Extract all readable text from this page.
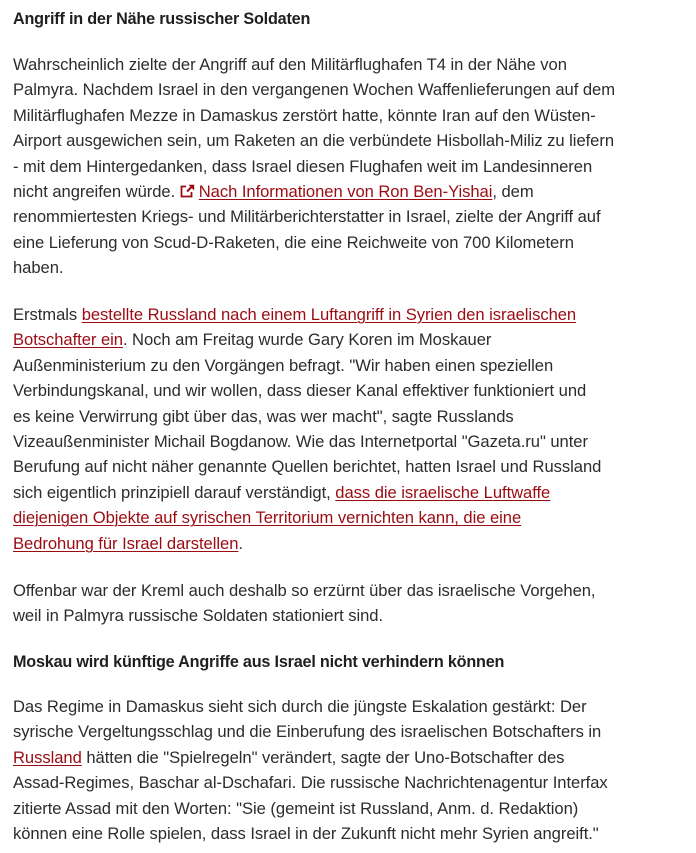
Angriff in der Nähe russischer Soldaten

Wahrscheinlich zielte der Angriff auf den Militärflughafen T4 in der Nähe von
Palmyra. Nachdem Israel in den vergangenen Wochen Waffenlieferungen auf dem
Militärflughafen Mezze in Damaskus zerstört hatte, könnte Iran auf den Wüsten-
Airport ausgewichen sein, um Raketen an die verbündete Hisbollah-Miliz zu liefern
- mit dem Hintergedanken, dass Israel diesen Flughafen weit im Landesinneren
nicht angreifen würde. Nach Informationen von Ron Ben-Yishai, dem
renommiertesten Kriegs- und Militärberichterstatter in Israel, zielte der Angriff auf
eine Lieferung von Scud-D-Raketen, die eine Reichweite von 700 Kilometern
haben.

Erstmals bestellte Russland nach einem Luftangriff in Syrien den israelischen
Botschafter ein. Noch am Freitag wurde Gary Koren im Moskauer
Außenministerium zu den Vorgängen befragt. "Wir haben einen speziellen
Verbindungskanal, und wir wollen, dass dieser Kanal effektiver funktioniert und
es keine Verwirrung gibt über das, was wer macht", sagte Russlands
Vizeaußenminister Michail Bogdanow. Wie das Internetportal "Gazeta.ru" unter
Berufung auf nicht näher genannte Quellen berichtet, hatten Israel und Russland
sich eigentlich prinzipiell darauf verständigt, dass die israelische Luftwaffe
diejenigen Objekte auf syrischen Territorium vernichten kann, die eine
Bedrohung für Israel darstellen.

Offenbar war der Kreml auch deshalb so erzürnt über das israelische Vorgehen,
weil in Palmyra russische Soldaten stationiert sind.

Moskau wird künftige Angriffe aus Israel nicht verhindern können

Das Regime in Damaskus sieht sich durch die jüngste Eskalation gestärkt: Der
syrische Vergeltungsschlag und die Einberufung des israelischen Botschafters in
Russland hätten die "Spielregeln" verändert, sagte der Uno-Botschafter des
Assad-Regimes, Baschar al-Dschafari. Die russische Nachrichtenagentur Interfax
zitierte Assad mit den Worten: "Sie (gemeint ist Russland, Anm. d. Redaktion)
können eine Rolle spielen, dass Israel in der Zukunft nicht mehr Syrien angreift."
